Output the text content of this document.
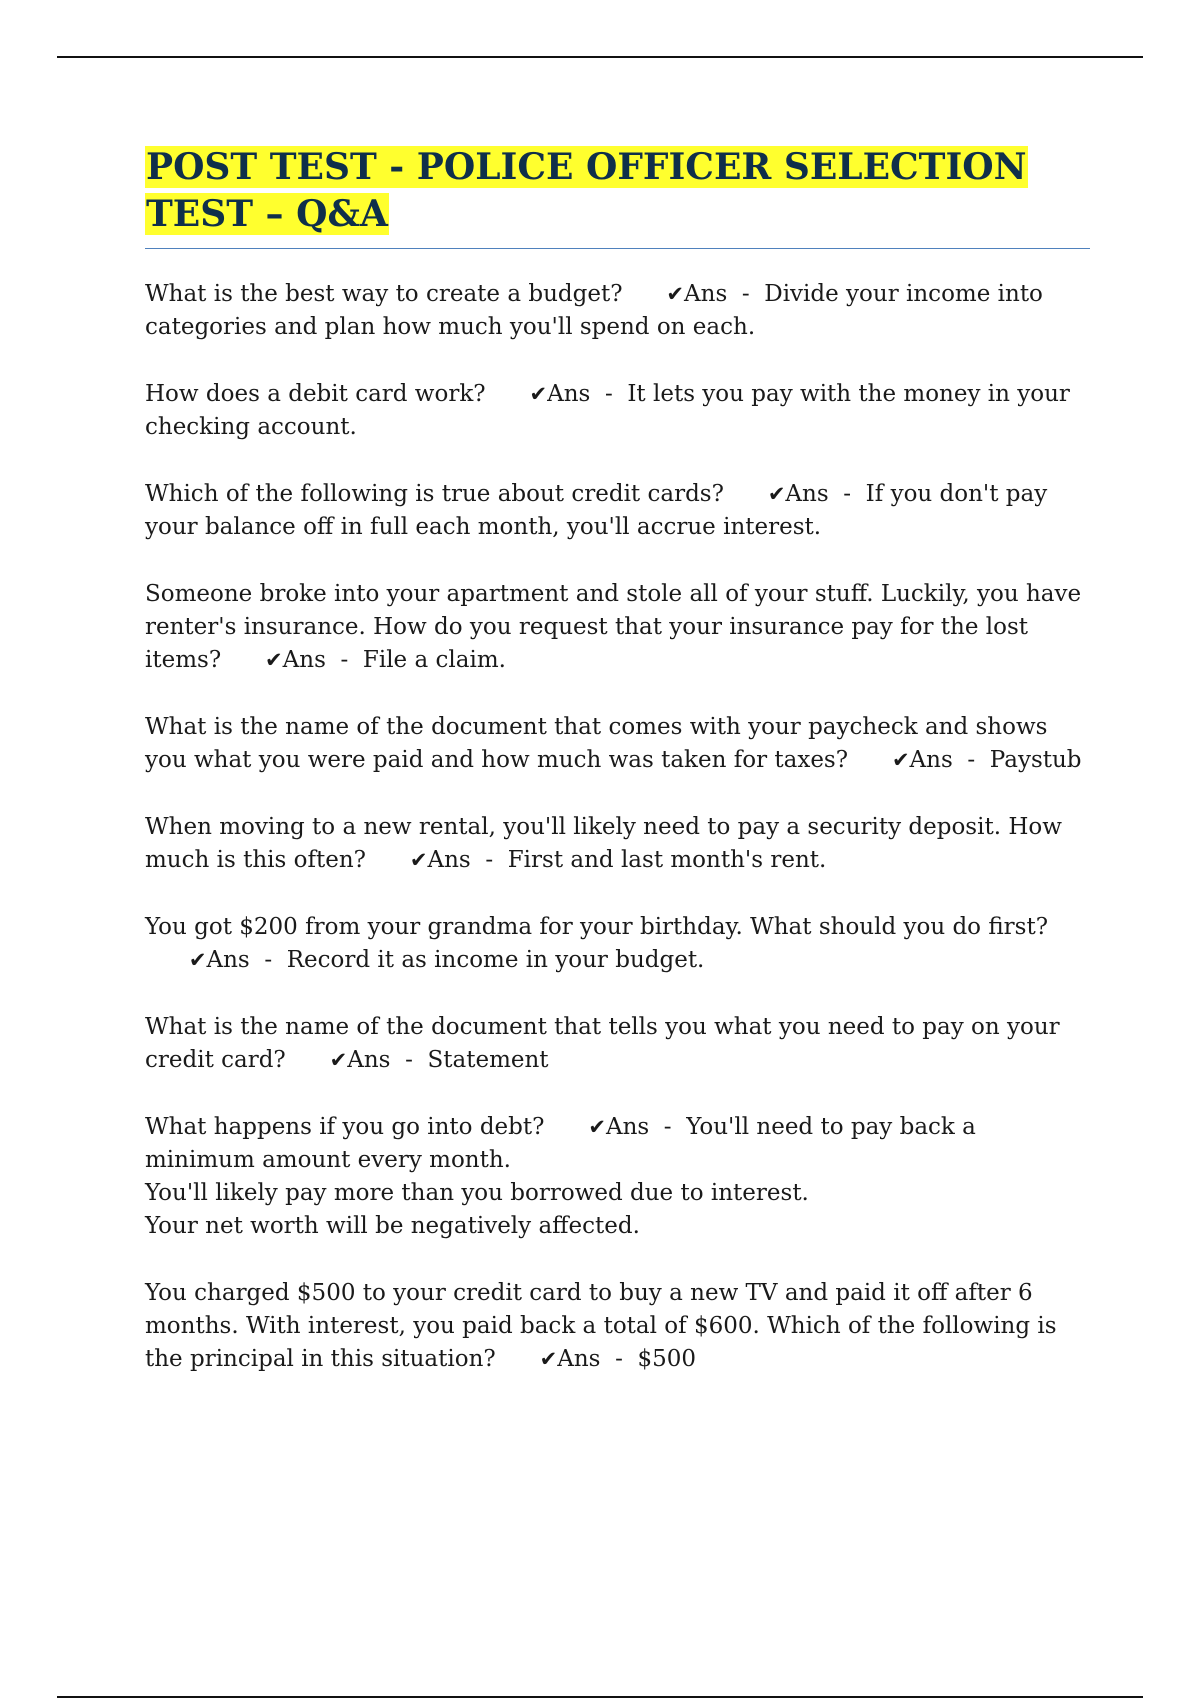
POST TEST - POLICE OFFICER SELECTION TEST – Q&A

What is the best way to create a budget? ✔Ans  -  Divide your income into categories and plan how much you'll spend on each.

How does a debit card work? ✔Ans  -  It lets you pay with the money in your checking account.

Which of the following is true about credit cards? ✔Ans  -  If you don't pay your balance off in full each month, you'll accrue interest.

Someone broke into your apartment and stole all of your stuff. Luckily, you have renter's insurance. How do you request that your insurance pay for the lost items? ✔Ans  -  File a claim.

What is the name of the document that comes with your paycheck and shows you what you were paid and how much was taken for taxes? ✔Ans  -  Paystub

When moving to a new rental, you'll likely need to pay a security deposit. How much is this often? ✔Ans  -  First and last month's rent.

You got $200 from your grandma for your birthday. What should you do first?      ✔Ans  -  Record it as income in your budget.

What is the name of the document that tells you what you need to pay on your credit card? ✔Ans  -  Statement

What happens if you go into debt? ✔Ans  -  You'll need to pay back a minimum amount every month.
You'll likely pay more than you borrowed due to interest.
Your net worth will be negatively affected.

You charged $500 to your credit card to buy a new TV and paid it off after 6 months. With interest, you paid back a total of $600. Which of the following is the principal in this situation? ✔Ans  -  $500
